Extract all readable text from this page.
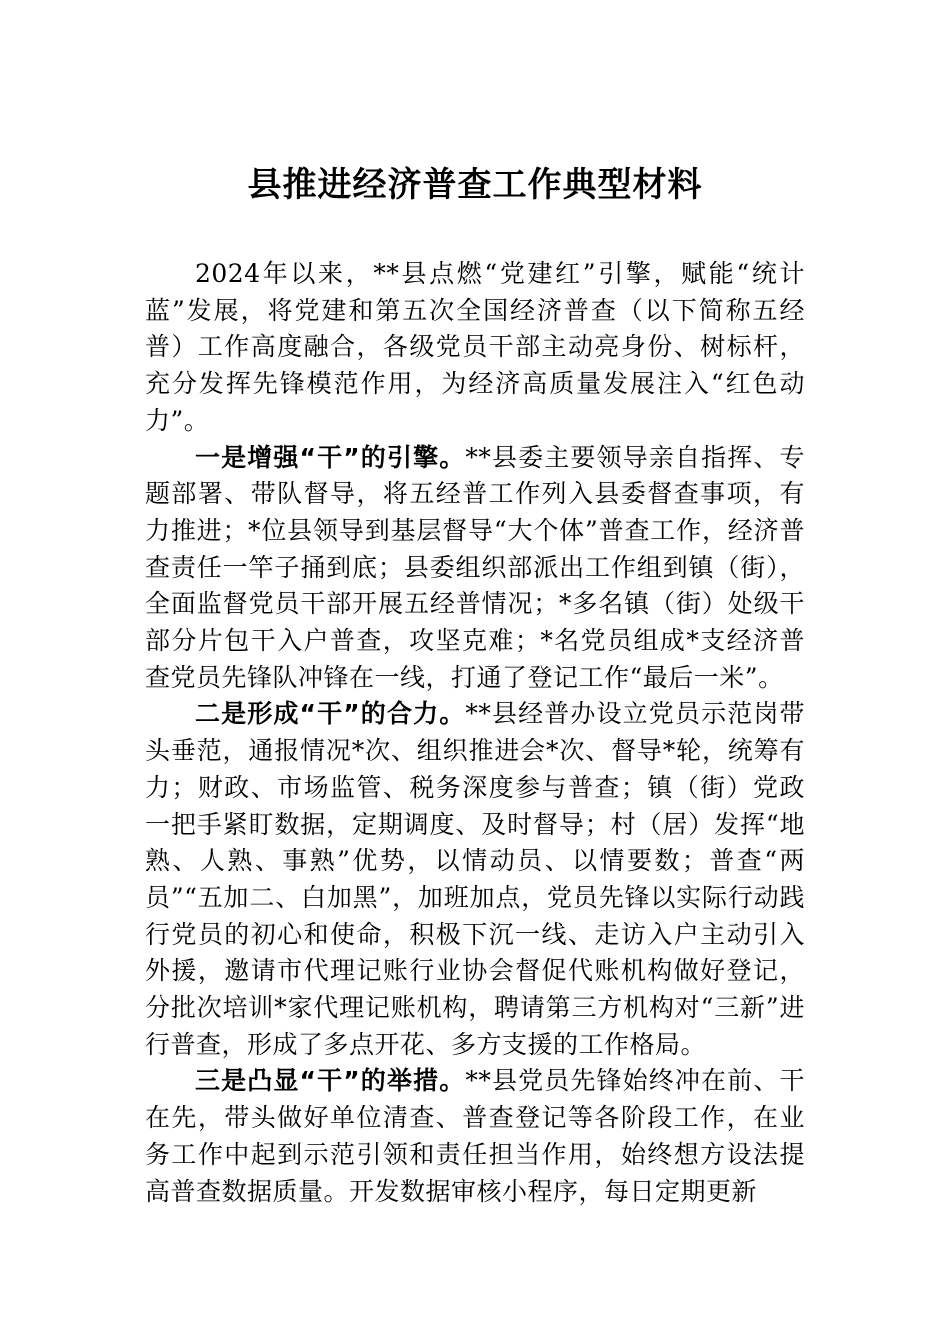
县推进经济普查工作典型材料

2024年以来，**县点燃“党建红”引擎，赋能“统计蓝”发展，将党建和第五次全国经济普查（以下简称五经普）工作高度融合，各级党员干部主动亮身份、树标杆，充分发挥先锋模范作用，为经济高质量发展注入“红色动力”。

一是增强“干”的引擎。**县委主要领导亲自指挥、专题部署、带队督导，将五经普工作列入县委督查事项，有力推进；*位县领导到基层督导“大个体”普查工作，经济普查责任一竿子捅到底；县委组织部派出工作组到镇（街），全面监督党员干部开展五经普情况；*多名镇（街）处级干部分片包干入户普查，攻坚克难；*名党员组成*支经济普查党员先锋队冲锋在一线，打通了登记工作“最后一米”。

二是形成“干”的合力。**县经普办设立党员示范岗带头垂范，通报情况*次、组织推进会*次、督导*轮，统筹有力；财政、市场监管、税务深度参与普查；镇（街）党政一把手紧盯数据，定期调度、及时督导；村（居）发挥“地熟、人熟、事熟”优势，以情动员、以情要数；普查“两员”“五加二、白加黑”，加班加点，党员先锋以实际行动践行党员的初心和使命，积极下沉一线、走访入户主动引入外援，邀请市代理记账行业协会督促代账机构做好登记，分批次培训*家代理记账机构，聘请第三方机构对“三新”进行普查，形成了多点开花、多方支援的工作格局。

三是凸显“干”的举措。**县党员先锋始终冲在前、干在先，带头做好单位清查、普查登记等各阶段工作，在业务工作中起到示范引领和责任担当作用，始终想方设法提高普查数据质量。开发数据审核小程序，每日定期更新
